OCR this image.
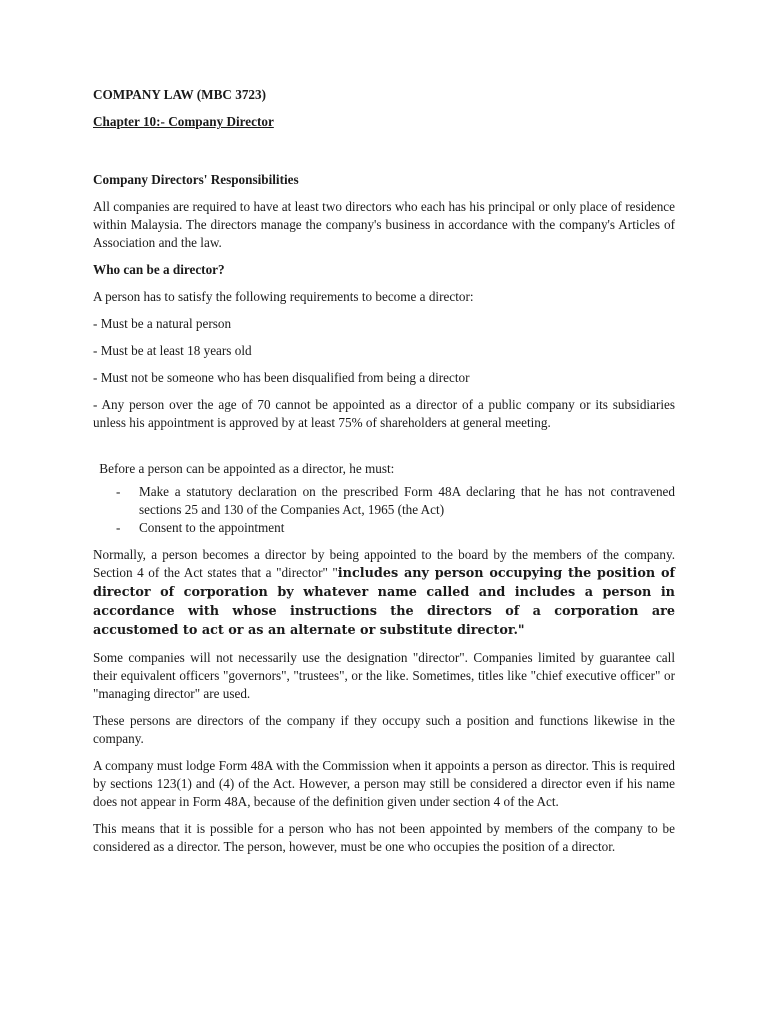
COMPANY LAW (MBC 3723)
Chapter 10:- Company Director
Company Directors' Responsibilities

All companies are required to have at least two directors who each has his principal or only place of residence within Malaysia. The directors manage the company's business in accordance with the company's Articles of Association and the law.

Who can be a director?

A person has to satisfy the following requirements to become a director:

- Must be a natural person

- Must be at least 18 years old

- Must not be someone who has been disqualified from being a director

- Any person over the age of 70 cannot be appointed as a director of a public company or its subsidiaries unless his appointment is approved by at least 75% of shareholders at general meeting.

Before a person can be appointed as a director, he must:

- Make a statutory declaration on the prescribed Form 48A declaring that he has not contravened sections 25 and 130 of the Companies Act, 1965 (the Act)
- Consent to the appointment

Normally, a person becomes a director by being appointed to the board by the members of the company. Section 4 of the Act states that a "director" "includes any person occupying the position of director of corporation by whatever name called and includes a person in accordance with whose instructions the directors of a corporation are accustomed to act or as an alternate or substitute director."

Some companies will not necessarily use the designation "director". Companies limited by guarantee call their equivalent officers "governors", "trustees", or the like. Sometimes, titles like "chief executive officer" or "managing director" are used.

These persons are directors of the company if they occupy such a position and functions likewise in the company.

A company must lodge Form 48A with the Commission when it appoints a person as director. This is required by sections 123(1) and (4) of the Act. However, a person may still be considered a director even if his name does not appear in Form 48A, because of the definition given under section 4 of the Act.

This means that it is possible for a person who has not been appointed by members of the company to be considered as a director. The person, however, must be one who occupies the position of a director.
